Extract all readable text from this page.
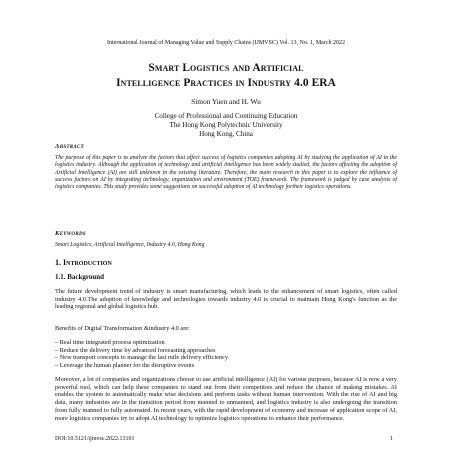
International Journal of Managing Value and Supply Chains (IJMVSC) Vol. 13, No. 1, March 2022

Smart Logistics and Artificial
Intelligence Practices in Industry 4.0 ERA

Simon Yuen and H. Wu

College of Professional and Continuing Education
The Hong Kong Polytechnic University
Hong Kong, China

Abstract

The purpose of this paper is to analyze the factors that affect success of logistics companies adopting AI by studying the application of AI in the logistics industry. Although the application of technology and artificial intelligence has been widely studied, the factors affecting the adoption of Artificial Intelligence (AI) are still unknown in the existing literature. Therefore, the main research in this paper is to explore the influence of success factors on AI by integrating technology, organization and environment (TOE) framework. The framework is judged by case analysis of logistics companies. This study provides some suggestions on successful adoption of AI technology fortheir logistics operations.

Keywords

Smart Logistics, Artificial Intelligence, Industry 4.0, Hong Kong

1. Introduction

1.1. Background

The future development trend of industry is smart manufacturing, which leads to the enhancement of smart logistics, often called industry 4.0.The adoption of knowledge and technologies towards industry 4.0 is crucial to maintain Hong Kong's function as the leading regional and global logistics hub.

Benefits of Digital Transformation &industry 4.0 are:

– Real time integrated process optimization
– Reduce the delivery time by advanced forecasting approaches
– New transport concepts to manage the last mile delivery efficiency
– Leverage the human planner for the disruptive events

Moreover, a lot of companies and organizations choose to use artificial intelligence (AI) for various purposes, because AI is now a very powerful tool, which can help these companies to stand out from their competitors and reduce the chance of making mistakes. AI enables the system to automatically make wise decisions and perform tasks without human intervention. With the rise of AI and big data, many industries are in the transition period from manned to unmanned, and logistics industry is also undergoing the transition from fully manned to fully automated. In recent years, with the rapid development of economy and increase of application scope of AI, more logistics companies try to adopt AI technology to optimize logistics operations to enhance their performance.

DOI:10.5121/ijmvsc.2022.13101	1
